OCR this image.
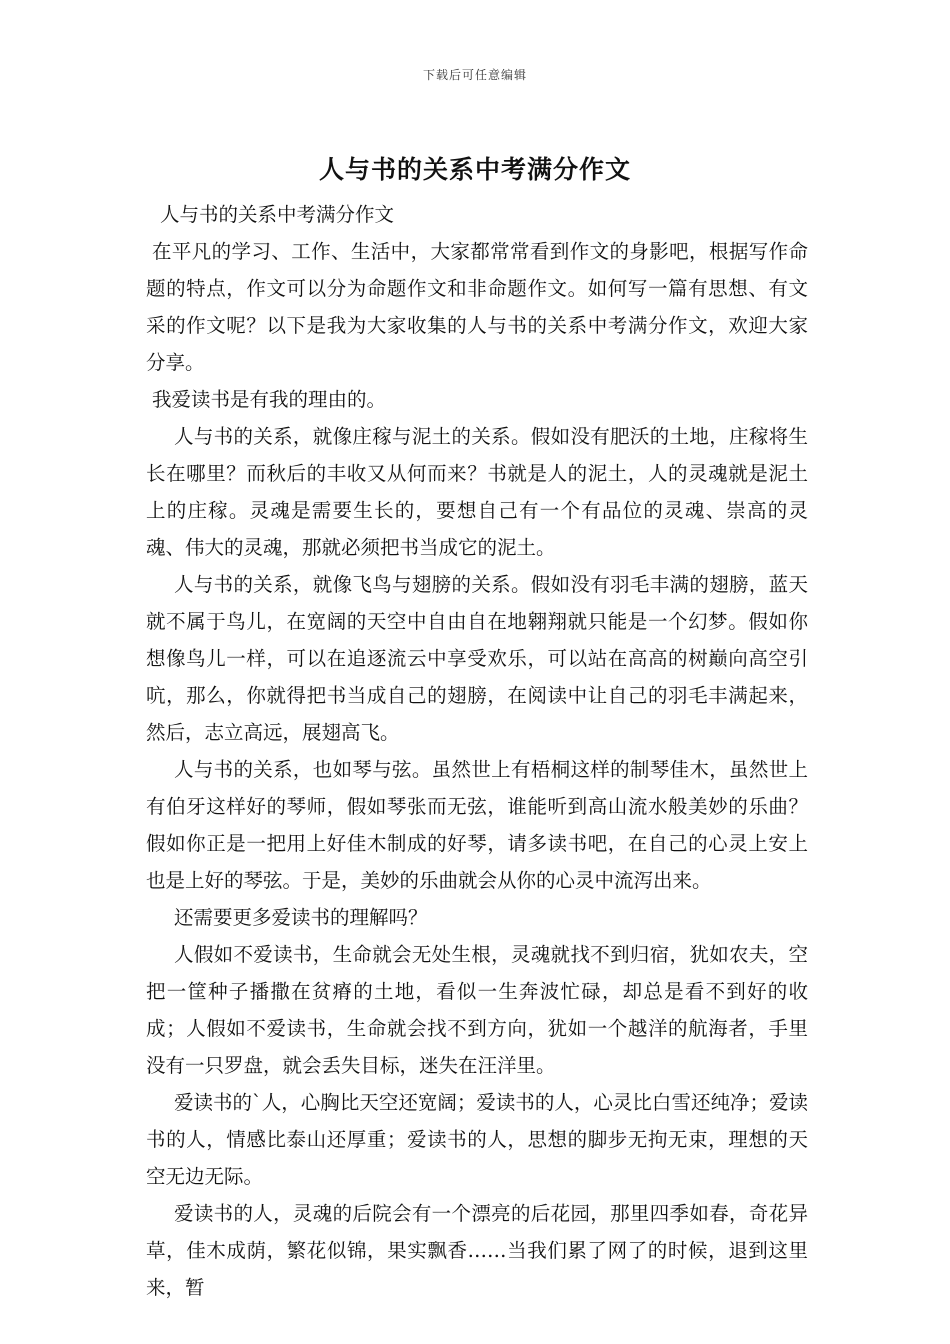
下载后可任意编辑
人与书的关系中考满分作文

人与书的关系中考满分作文

在平凡的学习、工作、生活中，大家都常常看到作文的身影吧，根据写作命题的特点，作文可以分为命题作文和非命题作文。如何写一篇有思想、有文采的作文呢？以下是我为大家收集的人与书的关系中考满分作文，欢迎大家分享。

我爱读书是有我的理由的。

人与书的关系，就像庄稼与泥土的关系。假如没有肥沃的土地，庄稼将生长在哪里？而秋后的丰收又从何而来？书就是人的泥土，人的灵魂就是泥土上的庄稼。灵魂是需要生长的，要想自己有一个有品位的灵魂、崇高的灵魂、伟大的灵魂，那就必须把书当成它的泥土。

人与书的关系，就像飞鸟与翅膀的关系。假如没有羽毛丰满的翅膀，蓝天就不属于鸟儿，在宽阔的天空中自由自在地翱翔就只能是一个幻梦。假如你想像鸟儿一样，可以在追逐流云中享受欢乐，可以站在高高的树巅向高空引吭，那么，你就得把书当成自己的翅膀，在阅读中让自己的羽毛丰满起来，然后，志立高远，展翅高飞。

人与书的关系，也如琴与弦。虽然世上有梧桐这样的制琴佳木，虽然世上有伯牙这样好的琴师，假如琴张而无弦，谁能听到高山流水般美妙的乐曲？假如你正是一把用上好佳木制成的好琴，请多读书吧，在自己的心灵上安上也是上好的琴弦。于是，美妙的乐曲就会从你的心灵中流泻出来。

还需要更多爱读书的理解吗？

人假如不爱读书，生命就会无处生根，灵魂就找不到归宿，犹如农夫，空把一筐种子播撒在贫瘠的土地，看似一生奔波忙碌，却总是看不到好的收成；人假如不爱读书，生命就会找不到方向，犹如一个越洋的航海者，手里没有一只罗盘，就会丢失目标，迷失在汪洋里。

爱读书的`人，心胸比天空还宽阔；爱读书的人，心灵比白雪还纯净；爱读书的人，情感比泰山还厚重；爱读书的人，思想的脚步无拘无束，理想的天空无边无际。

爱读书的人，灵魂的后院会有一个漂亮的后花园，那里四季如春，奇花异草，佳木成荫，繁花似锦，果实飘香……当我们累了网了的时候，退到这里来，暂
